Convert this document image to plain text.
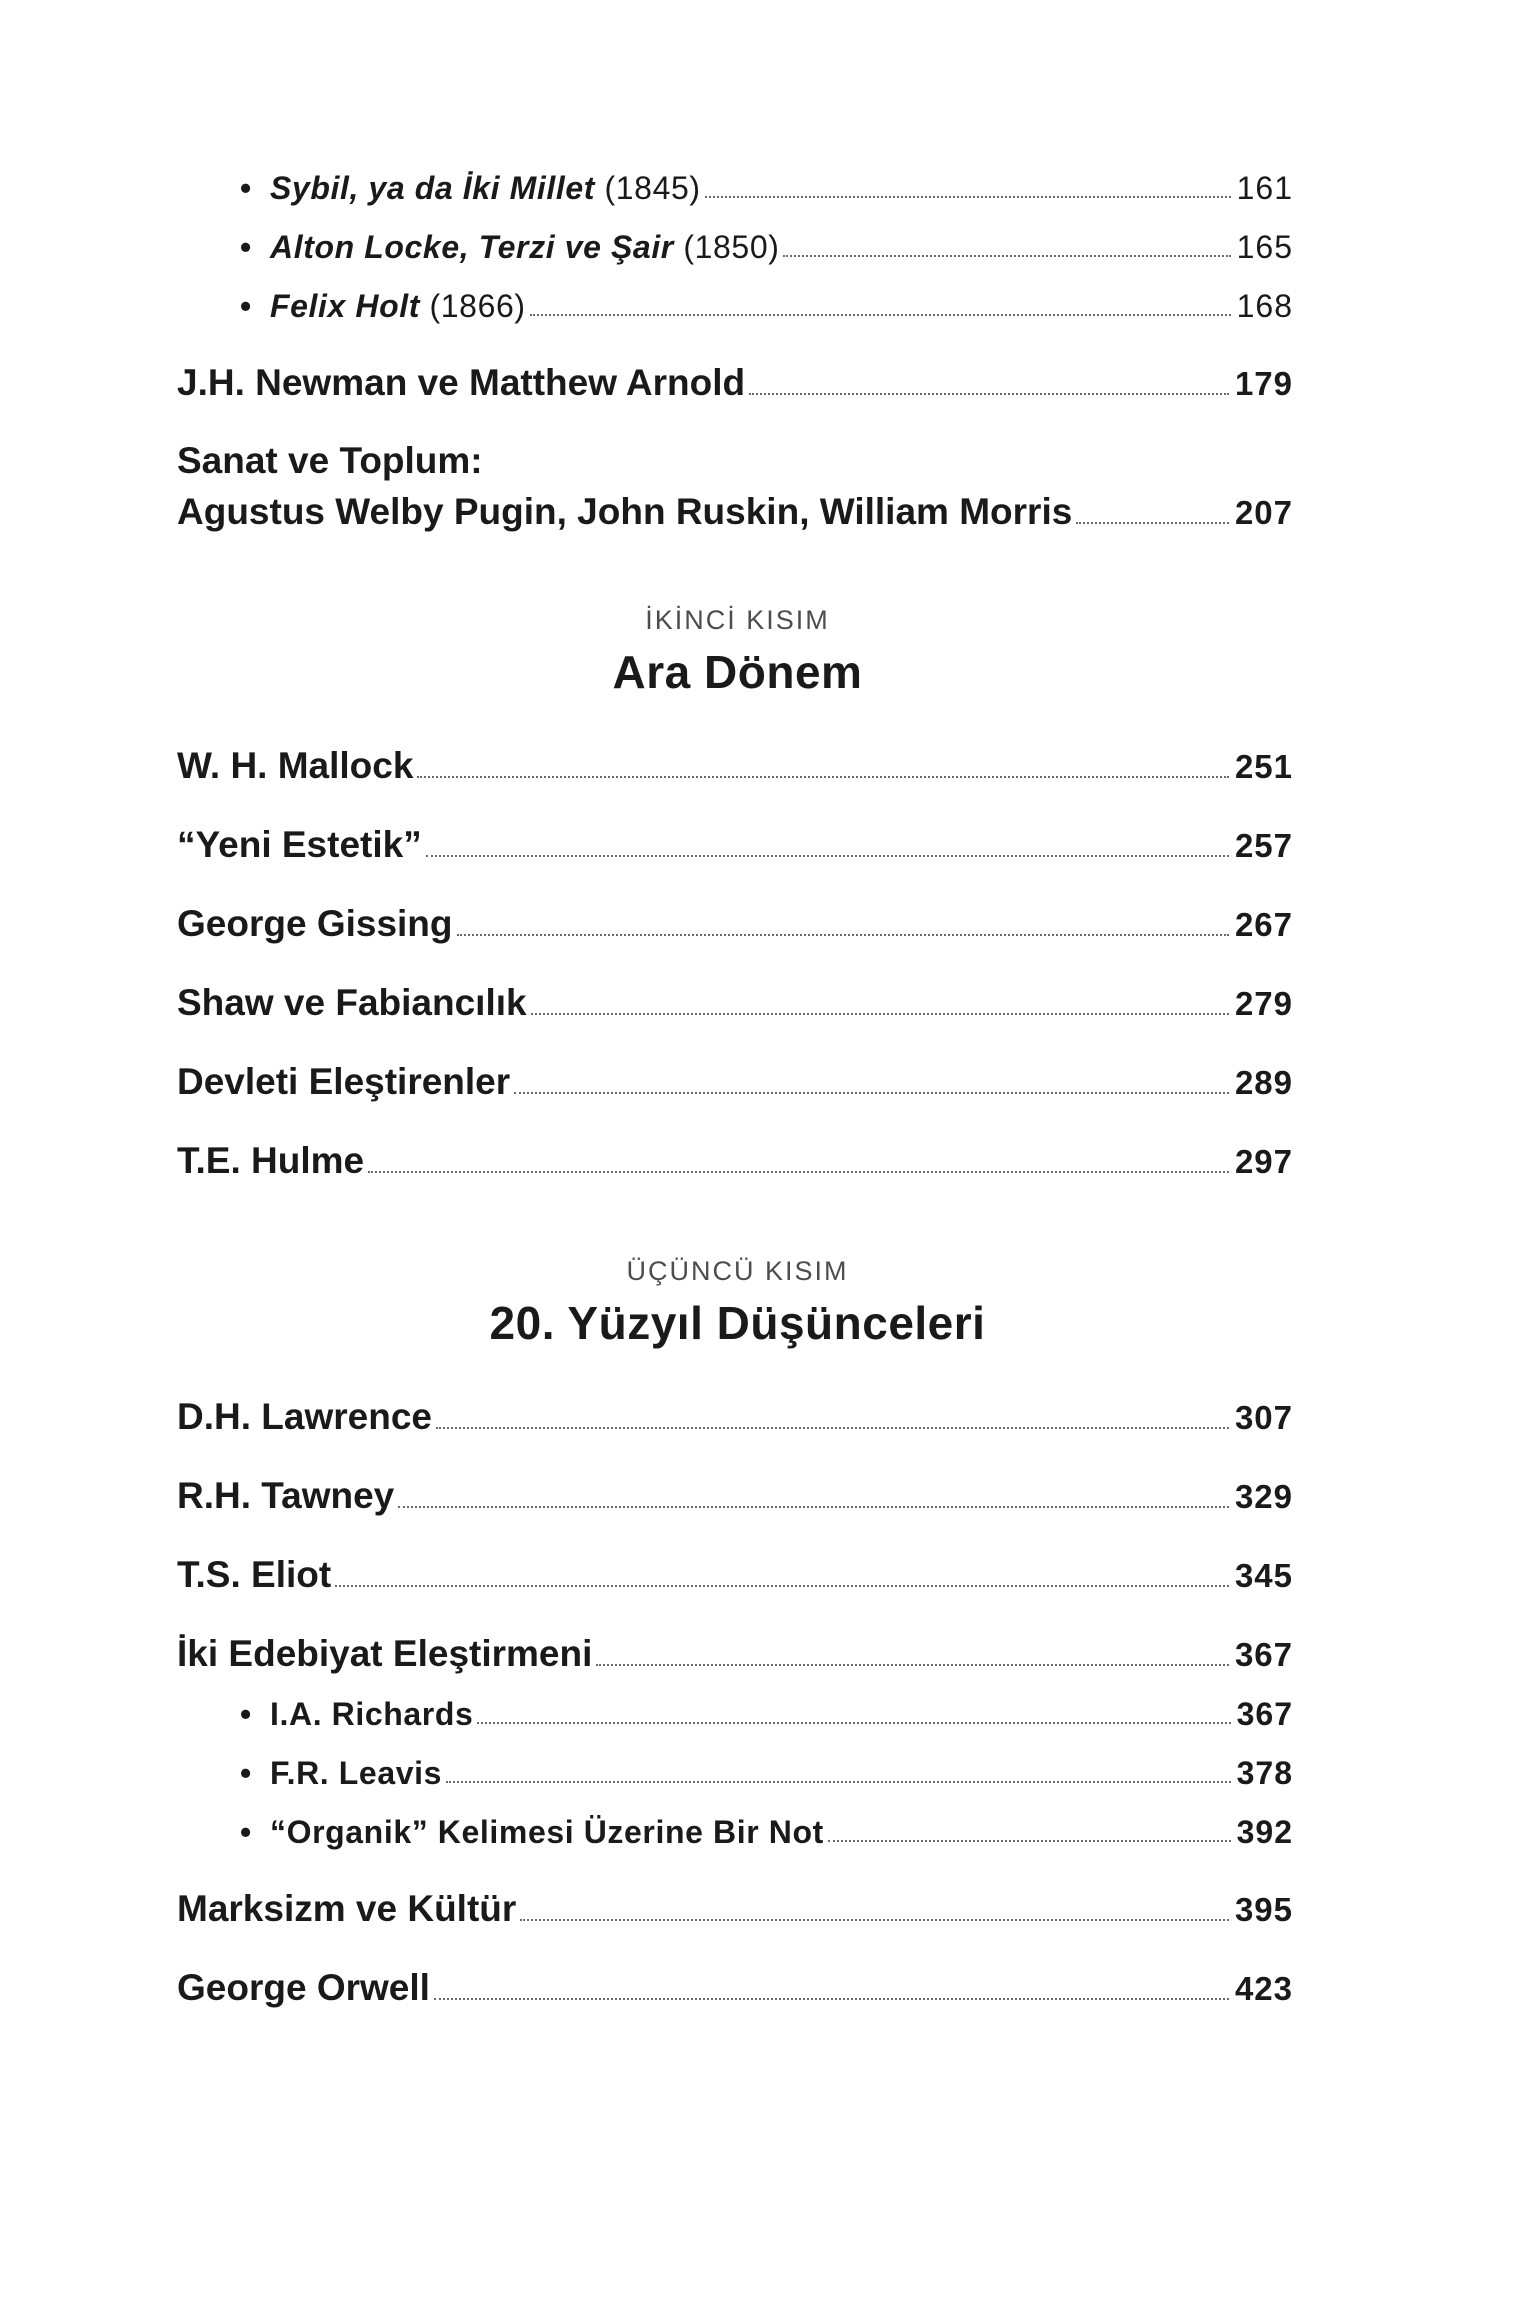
• Sybil, ya da İki Millet (1845)	161
• Alton Locke, Terzi ve Şair (1850)	165
• Felix Holt (1866)	168
J.H. Newman ve Matthew Arnold	179
Sanat ve Toplum:
Agustus Welby Pugin, John Ruskin, William Morris	207
İKİNCİ KISIM
Ara Dönem
W. H. Mallock	251
“Yeni Estetik”	257
George Gissing	267
Shaw ve Fabiancılık	279
Devleti Eleştirenler	289
T.E. Hulme	297
ÜÇÜNCÜ KISIM
20. Yüzyıl Düşünceleri
D.H. Lawrence	307
R.H. Tawney	329
T.S. Eliot	345
İki Edebiyat Eleştirmeni	367
• I.A. Richards	367
• F.R. Leavis	378
• “Organik” Kelimesi Üzerine Bir Not	392
Marksizm ve Kültür	395
George Orwell	423
